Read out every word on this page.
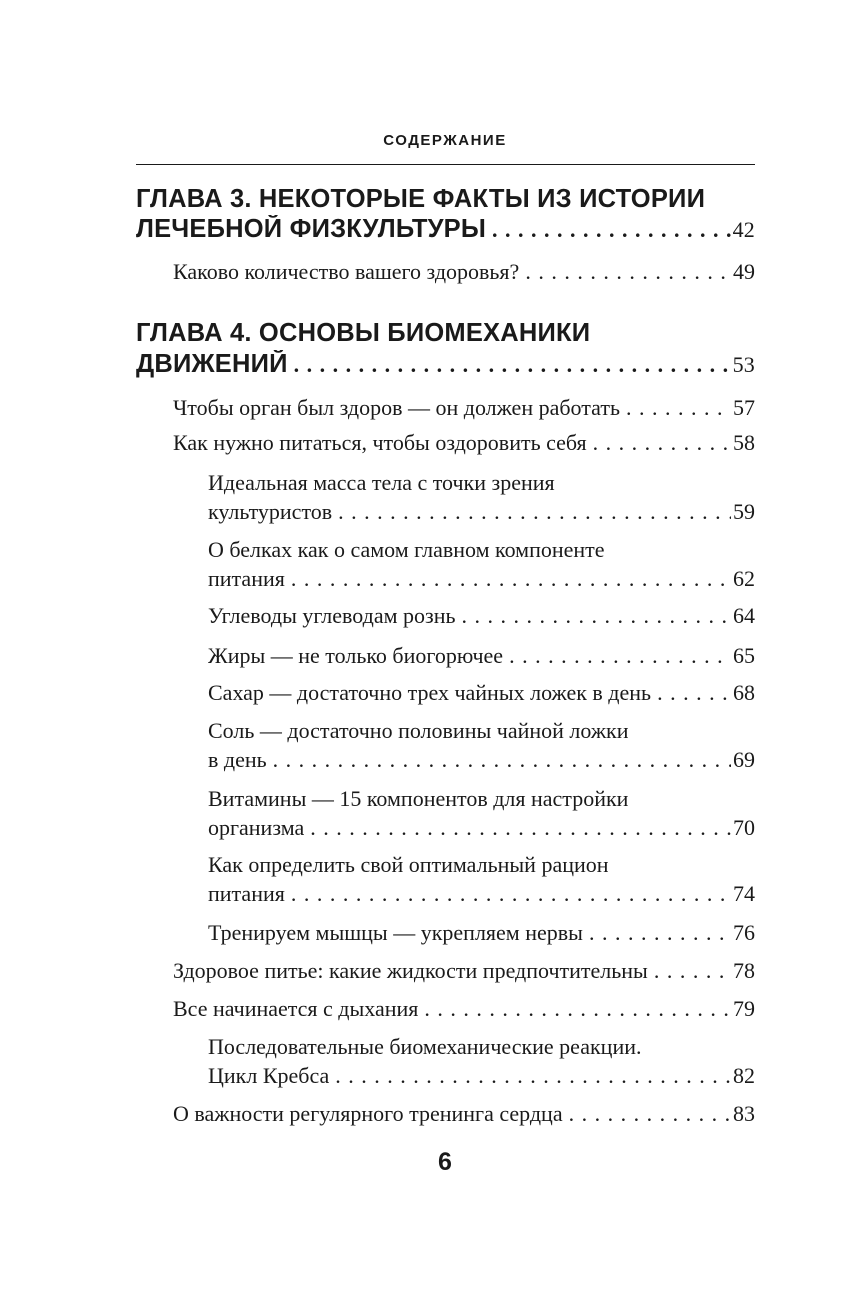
СОДЕРЖАНИЕ
ГЛАВА 3. НЕКОТОРЫЕ ФАКТЫ ИЗ ИСТОРИИ
ЛЕЧЕБНОЙ ФИЗКУЛЬТУРЫ . . .	42
Каково количество вашего здоровья? . . .	49
ГЛАВА 4. ОСНОВЫ БИОМЕХАНИКИ
ДВИЖЕНИЙ . . .	53
Чтобы орган был здоров — он должен работать . . .	57
Как нужно питаться, чтобы оздоровить себя . . .	58
Идеальная масса тела с точки зрения
культуристов . . .	59
О белках как о самом главном компоненте
питания . . .	62
Углеводы углеводам рознь . . .	64
Жиры — не только биогорючее . . .	65
Сахар — достаточно трех чайных ложек в день . . .	68
Соль — достаточно половины чайной ложки
в день . . .	69
Витамины — 15 компонентов для настройки
организма . . .	70
Как определить свой оптимальный рацион
питания . . .	74
Тренируем мышцы — укрепляем нервы . . .	76
Здоровое питье: какие жидкости предпочтительны . . .	78
Все начинается с дыхания . . .	79
Последовательные биомеханические реакции.
Цикл Кребса . . .	82
О важности регулярного тренинга сердца . . .	83
6
